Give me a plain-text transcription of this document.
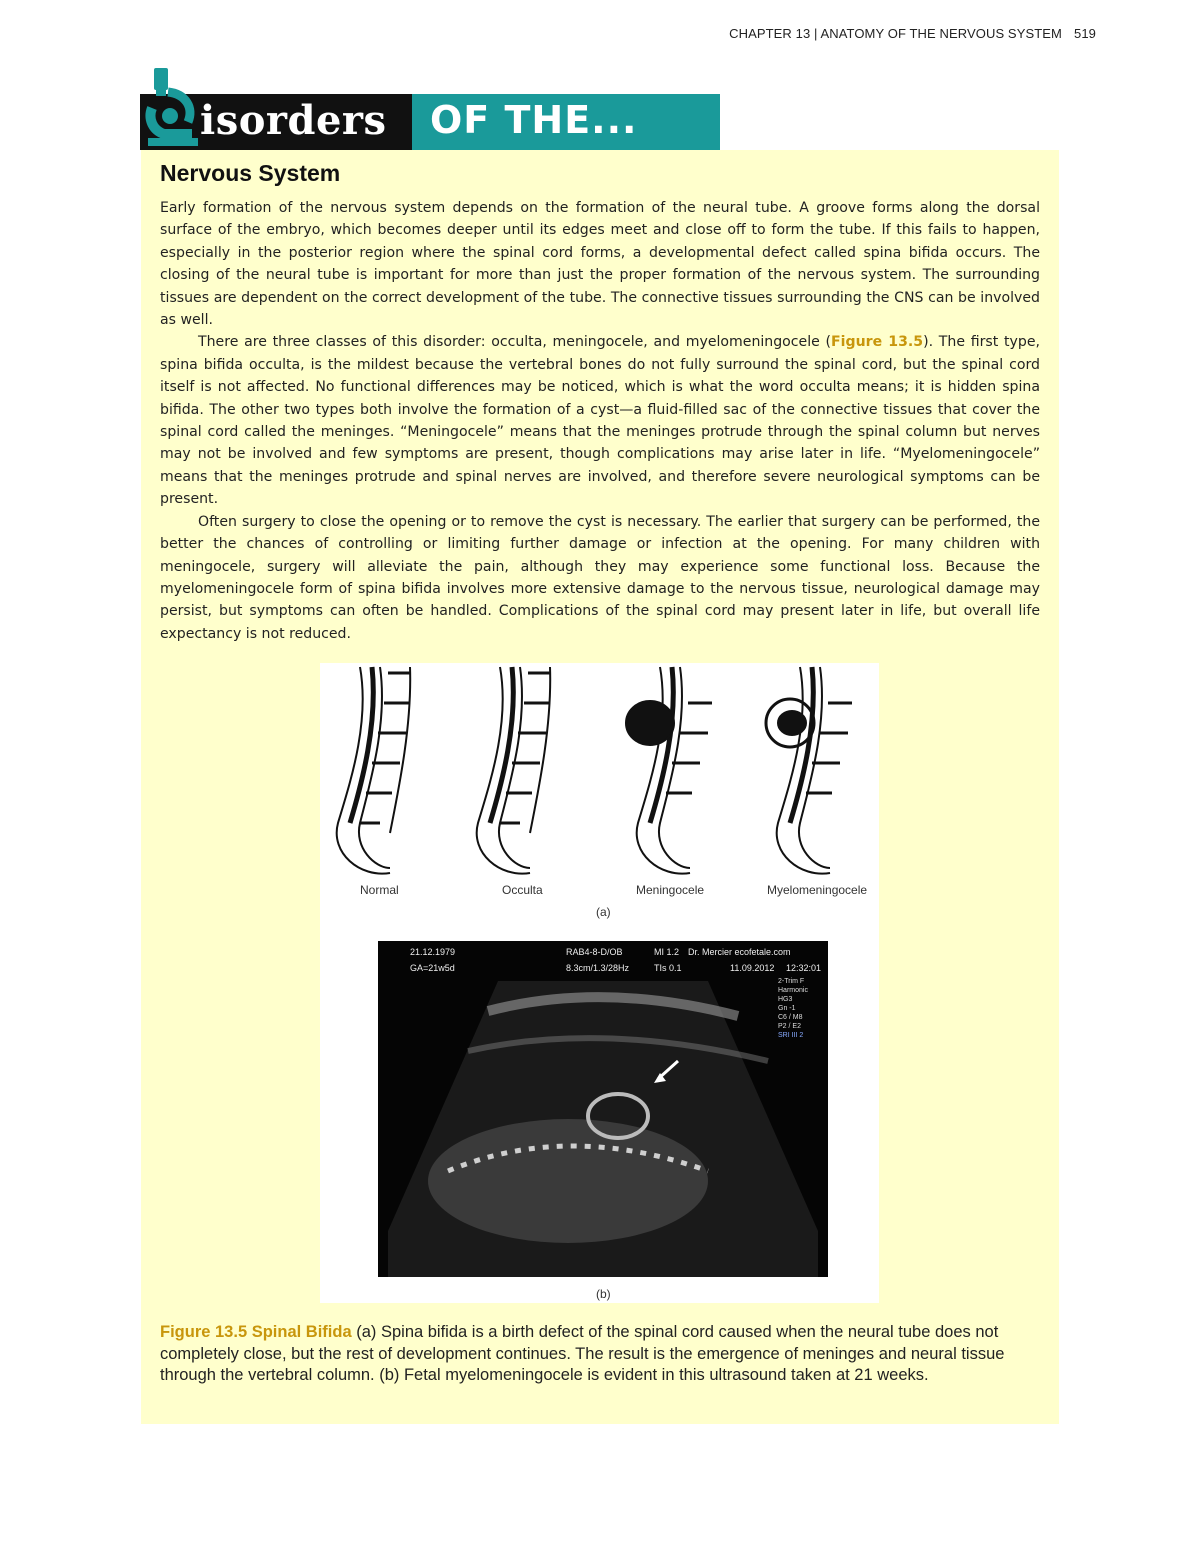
CHAPTER 13 | ANATOMY OF THE NERVOUS SYSTEM 519
isorders OF THE...
Nervous System

Early formation of the nervous system depends on the formation of the neural tube. A groove forms along the dorsal surface of the embryo, which becomes deeper until its edges meet and close off to form the tube. If this fails to happen, especially in the posterior region where the spinal cord forms, a developmental defect called spina bifida occurs. The closing of the neural tube is important for more than just the proper formation of the nervous system. The surrounding tissues are dependent on the correct development of the tube. The connective tissues surrounding the CNS can be involved as well.

There are three classes of this disorder: occulta, meningocele, and myelomeningocele (Figure 13.5). The first type, spina bifida occulta, is the mildest because the vertebral bones do not fully surround the spinal cord, but the spinal cord itself is not affected. No functional differences may be noticed, which is what the word occulta means; it is hidden spina bifida. The other two types both involve the formation of a cyst—a fluid-filled sac of the connective tissues that cover the spinal cord called the meninges. “Meningocele” means that the meninges protrude through the spinal column but nerves may not be involved and few symptoms are present, though complications may arise later in life. “Myelomeningocele” means that the meninges protrude and spinal nerves are involved, and therefore severe neurological symptoms can be present.

Often surgery to close the opening or to remove the cyst is necessary. The earlier that surgery can be performed, the better the chances of controlling or limiting further damage or infection at the opening. For many children with meningocele, surgery will alleviate the pain, although they may experience some functional loss. Because the myelomeningocele form of spina bifida involves more extensive damage to the nervous tissue, neurological damage may persist, but symptoms can often be handled. Complications of the spinal cord may present later in life, but overall life expectancy is not reduced.

Normal	Occulta	Meningocele	Myelomeningocele
(a)
21.12.1979
GA=21w5d
RAB4-8-D/OB
8.3cm/1.3/28Hz
MI 1.2
TIs 0.1
Dr. Mercier ecofetale.com
11.09.2012 12:32:01
2-Trim F
Harmonic
HG3
Gn -1
C6 / M8
P2 / E2
SRI III 2
(b)
Figure 13.5 Spinal Bifida (a) Spina bifida is a birth defect of the spinal cord caused when the neural tube does not completely close, but the rest of development continues. The result is the emergence of meninges and neural tissue through the vertebral column. (b) Fetal myelomeningocele is evident in this ultrasound taken at 21 weeks.
